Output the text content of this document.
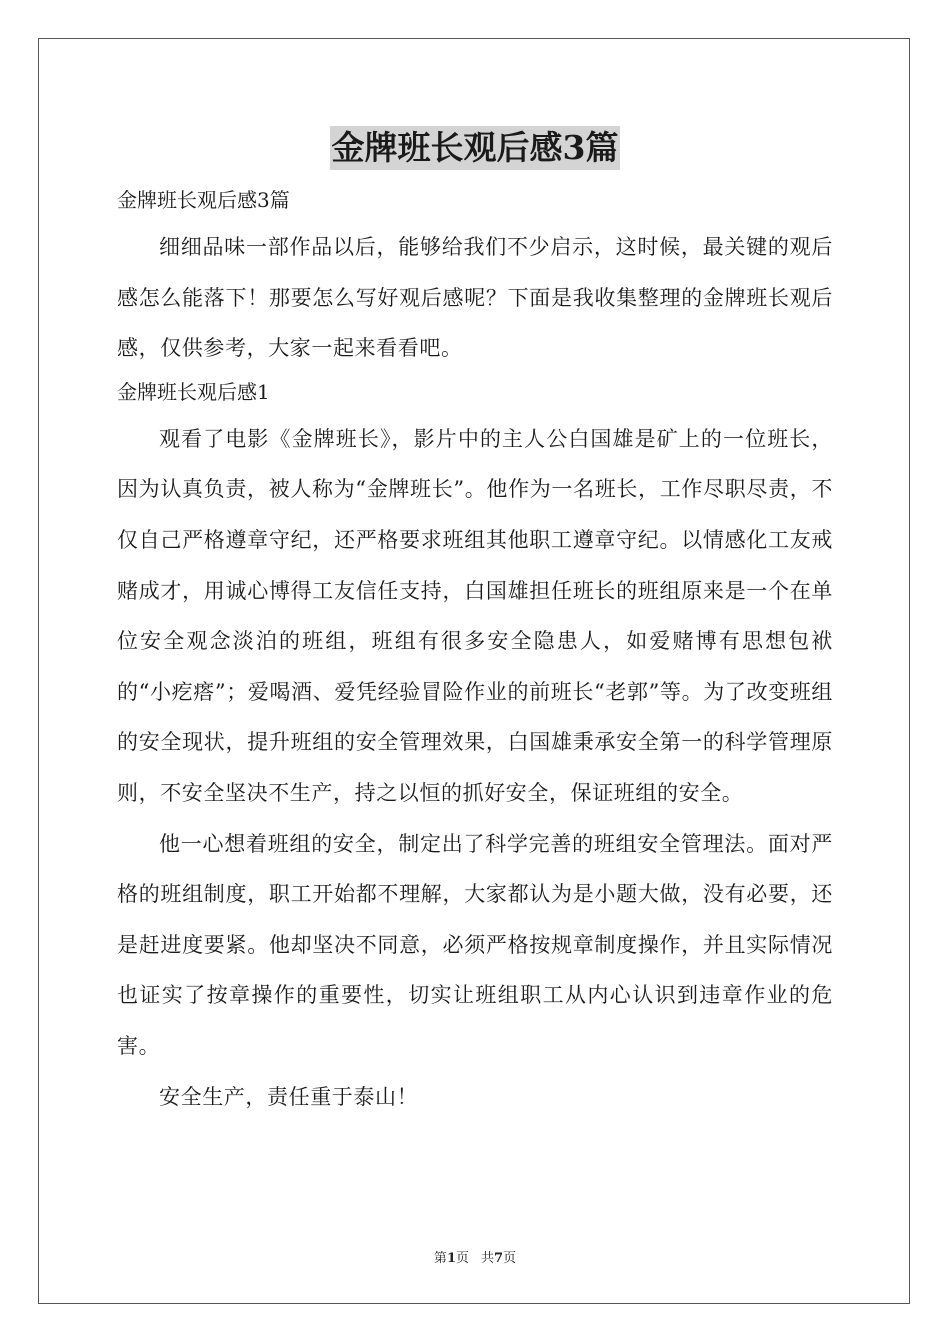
金牌班长观后感3篇

金牌班长观后感3篇

细细品味一部作品以后，能够给我们不少启示，这时候，最关键的观后感怎么能落下！那要怎么写好观后感呢？下面是我收集整理的金牌班长观后感，仅供参考，大家一起来看看吧。

金牌班长观后感1

观看了电影《金牌班长》，影片中的主人公白国雄是矿上的一位班长，因为认真负责，被人称为“金牌班长”。他作为一名班长，工作尽职尽责，不仅自己严格遵章守纪，还严格要求班组其他职工遵章守纪。以情感化工友戒赌成才，用诚心博得工友信任支持，白国雄担任班长的班组原来是一个在单位安全观念淡泊的班组，班组有很多安全隐患人，如爱赌博有思想包袱的“小疙瘩”；爱喝酒、爱凭经验冒险作业的前班长“老郭”等。为了改变班组的安全现状，提升班组的安全管理效果，白国雄秉承安全第一的科学管理原则，不安全坚决不生产，持之以恒的抓好安全，保证班组的安全。

他一心想着班组的安全，制定出了科学完善的班组安全管理法。面对严格的班组制度，职工开始都不理解，大家都认为是小题大做，没有必要，还是赶进度要紧。他却坚决不同意，必须严格按规章制度操作，并且实际情况也证实了按章操作的重要性，切实让班组职工从内心认识到违章作业的危害。

安全生产，责任重于泰山！

第1页 共7页
